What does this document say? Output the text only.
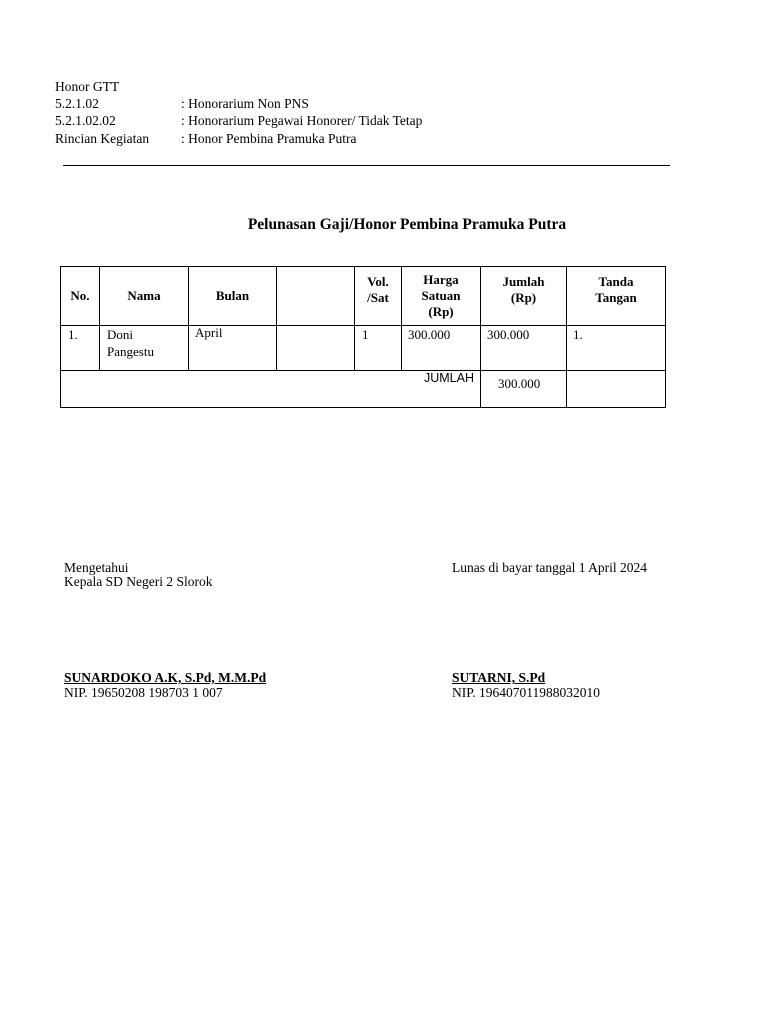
Honor GTT
5.2.1.02	: Honorarium Non PNS
5.2.1.02.02	: Honorarium Pegawai Honorer/ Tidak Tetap
Rincian Kegiatan : Honor Pembina Pramuka Putra
Pelunasan Gaji/Honor Pembina Pramuka Putra
No.	Nama	Bulan		Vol.
/Sat	Harga
Satuan
(Rp)	Jumlah
(Rp)	Tanda
Tangan

1.	Doni
Pangestu	April		1	300.000	300.000	1.

JUMLAH						300.000	

Mengetahui
Kepala SD Negeri 2 Slorok
Lunas di bayar tanggal 1 April 2024
SUNARDOKO A.K, S.Pd, M.M.Pd
NIP. 19650208 198703 1 007
SUTARNI, S.Pd
NIP. 196407011988032010
